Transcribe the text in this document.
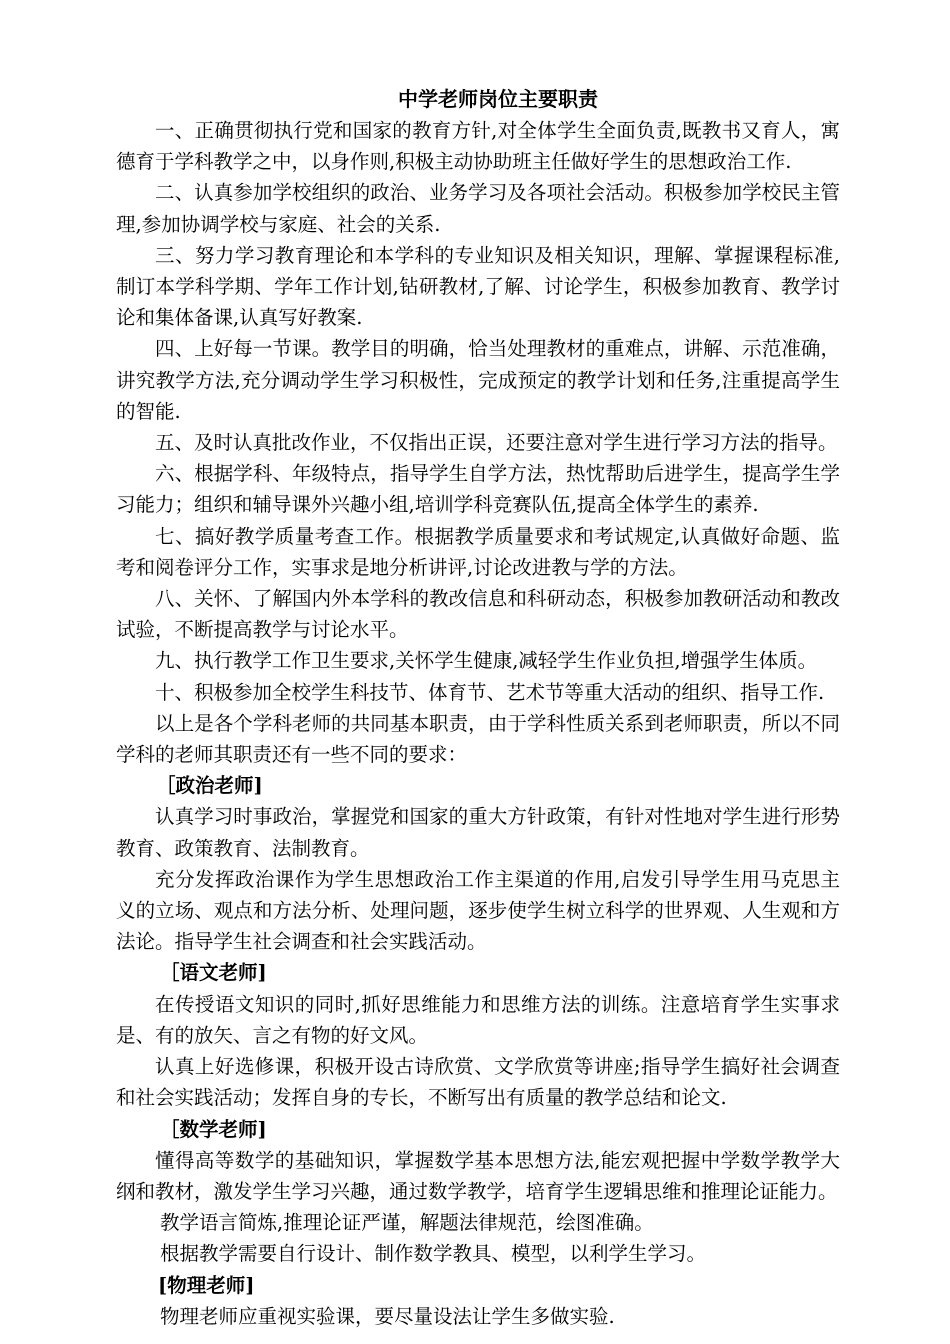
中学老师岗位主要职责

一、正确贯彻执行党和国家的教育方针,对全体学生全面负责,既教书又育人，寓德育于学科教学之中，以身作则,积极主动协助班主任做好学生的思想政治工作.

二、认真参加学校组织的政治、业务学习及各项社会活动。积极参加学校民主管理,参加协调学校与家庭、社会的关系.

三、努力学习教育理论和本学科的专业知识及相关知识，理解、掌握课程标准,制订本学科学期、学年工作计划,钻研教材,了解、讨论学生，积极参加教育、教学讨论和集体备课,认真写好教案.

四、上好每一节课。教学目的明确，恰当处理教材的重难点，讲解、示范准确，讲究教学方法,充分调动学生学习积极性，完成预定的教学计划和任务,注重提高学生的智能.

五、及时认真批改作业，不仅指出正误，还要注意对学生进行学习方法的指导。

六、根据学科、年级特点，指导学生自学方法，热忱帮助后进学生，提高学生学习能力；组织和辅导课外兴趣小组,培训学科竞赛队伍,提高全体学生的素养.

七、搞好教学质量考查工作。根据教学质量要求和考试规定,认真做好命题、监考和阅卷评分工作，实事求是地分析讲评,讨论改进教与学的方法。

八、关怀、了解国内外本学科的教改信息和科研动态，积极参加教研活动和教改试验，不断提高教学与讨论水平。

九、执行教学工作卫生要求,关怀学生健康,减轻学生作业负担,增强学生体质。

十、积极参加全校学生科技节、体育节、艺术节等重大活动的组织、指导工作.

以上是各个学科老师的共同基本职责，由于学科性质关系到老师职责，所以不同学科的老师其职责还有一些不同的要求：

［政治老师]

认真学习时事政治，掌握党和国家的重大方针政策，有针对性地对学生进行形势教育、政策教育、法制教育。

充分发挥政治课作为学生思想政治工作主渠道的作用,启发引导学生用马克思主义的立场、观点和方法分析、处理问题，逐步使学生树立科学的世界观、人生观和方法论。指导学生社会调查和社会实践活动。

［语文老师]

在传授语文知识的同时,抓好思维能力和思维方法的训练。注意培育学生实事求是、有的放矢、言之有物的好文风。

认真上好选修课，积极开设古诗欣赏、文学欣赏等讲座;指导学生搞好社会调查和社会实践活动；发挥自身的专长，不断写出有质量的教学总结和论文.

［数学老师]

懂得高等数学的基础知识，掌握数学基本思想方法,能宏观把握中学数学教学大纲和教材，激发学生学习兴趣，通过数学教学，培育学生逻辑思维和推理论证能力。

教学语言简炼,推理论证严谨，解题法律规范，绘图准确。

根据教学需要自行设计、制作数学教具、模型，以利学生学习。

[物理老师]

物理老师应重视实验课，要尽量设法让学生多做实验.
